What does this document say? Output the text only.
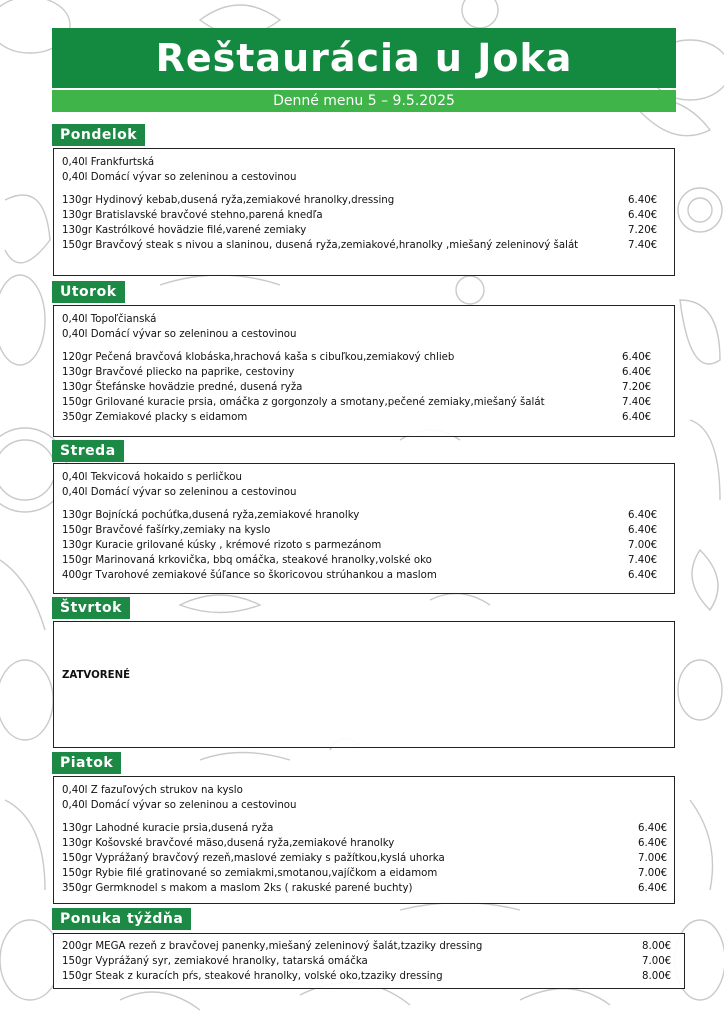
Reštaurácia u Joka
Denné menu 5 – 9.5.2025
Pondelok
0,40l Frankfurtská
0,40l Domácí vývar so zeleninou a cestovinou
130gr Hydinový kebab,dusená ryža,zemiakové hranolky,dressing	6.40€
130gr Bratislavské bravčové stehno,parená knedľa	6.40€
130gr Kastrólkové hovädzie filé,varené zemiaky	7.20€
150gr Bravčový steak s nivou a slaninou, dusená ryža,zemiakové,hranolky ,miešaný zeleninový šalát	7.40€
Utorok
0,40l Topoľčianská
0,40l Domácí vývar so zeleninou a cestovinou
120gr Pečená bravčová klobáska,hrachová kaša s cibuľkou,zemiakový chlieb	6.40€
130gr Bravčové pliecko na paprike, cestoviny	6.40€
130gr Štefánske hovädzie predné, dusená ryža	7.20€
150gr Grilované kuracie prsia, omáčka z gorgonzoly a smotany,pečené zemiaky,miešaný šalát	7.40€
350gr Zemiakové placky s eidamom	6.40€
Streda
0,40l Tekvicová hokaido s perličkou
0,40l Domácí vývar so zeleninou a cestovinou
130gr Bojnícká pochúťka,dusená ryža,zemiakové hranolky	6.40€
150gr Bravčové fašírky,zemiaky na kyslo	6.40€
130gr Kuracie grilované kúsky , krémové rizoto s parmezánom	7.00€
150gr Marinovaná krkovička, bbq omáčka, steakové hranolky,volské oko	7.40€
400gr Tvarohové zemiakové šúľance so škoricovou strúhankou a maslom	6.40€
Štvrtok
ZATVORENÉ
Piatok
0,40l Z fazuľových strukov na kyslo
0,40l Domácí vývar so zeleninou a cestovinou
130gr Lahodné kuracie prsia,dusená ryža	6.40€
130gr Košovské bravčové mäso,dusená ryža,zemiakové hranolky	6.40€
150gr Vyprážaný bravčový rezeň,maslové zemiaky s pažítkou,kyslá uhorka	7.00€
150gr Rybie filé gratinované so zemiakmi,smotanou,vajíčkom a eidamom	7.00€
350gr Germknodel s makom a maslom 2ks ( rakuské parené buchty)	6.40€
Ponuka týždňa
200gr MEGA rezeň z bravčovej panenky,miešaný zeleninový šalát,tzaziky dressing	8.00€
150gr Vyprážaný syr, zemiakové hranolky, tatarská omáčka	7.00€
150gr Steak z kuracích pŕs, steakové hranolky, volské oko,tzaziky dressing	8.00€
